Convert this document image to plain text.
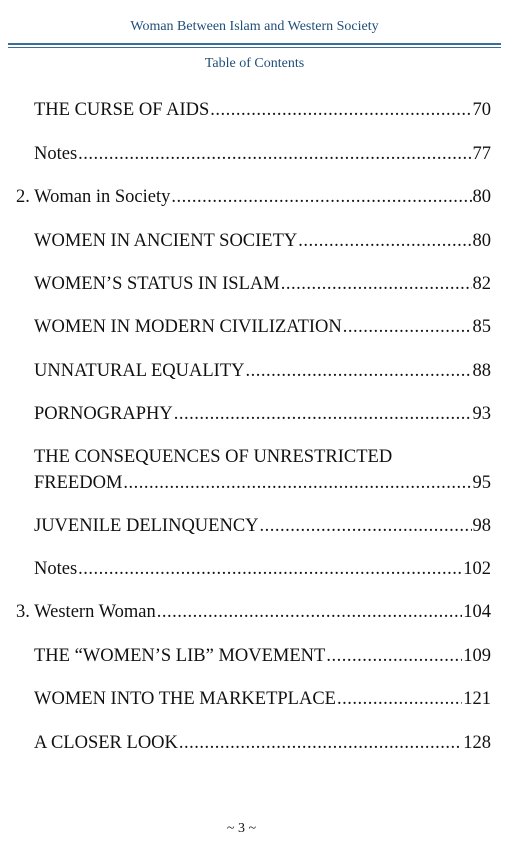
Woman Between Islam and Western Society
Table of Contents
THE CURSE OF AIDS .....	70
Notes .....	77
2. Woman in Society .....	80
WOMEN IN ANCIENT SOCIETY .....	80
WOMEN’S STATUS IN ISLAM .....	82
WOMEN IN MODERN CIVILIZATION .....	85
UNNATURAL EQUALITY .....	88
PORNOGRAPHY .....	93
THE CONSEQUENCES OF UNRESTRICTED
FREEDOM .....	95
JUVENILE DELINQUENCY .....	98
Notes .....	102
3. Western Woman .....	104
THE “WOMEN’S LIB” MOVEMENT .....	109
WOMEN INTO THE MARKETPLACE .....	121
A CLOSER LOOK .....	128
~ 3 ~
